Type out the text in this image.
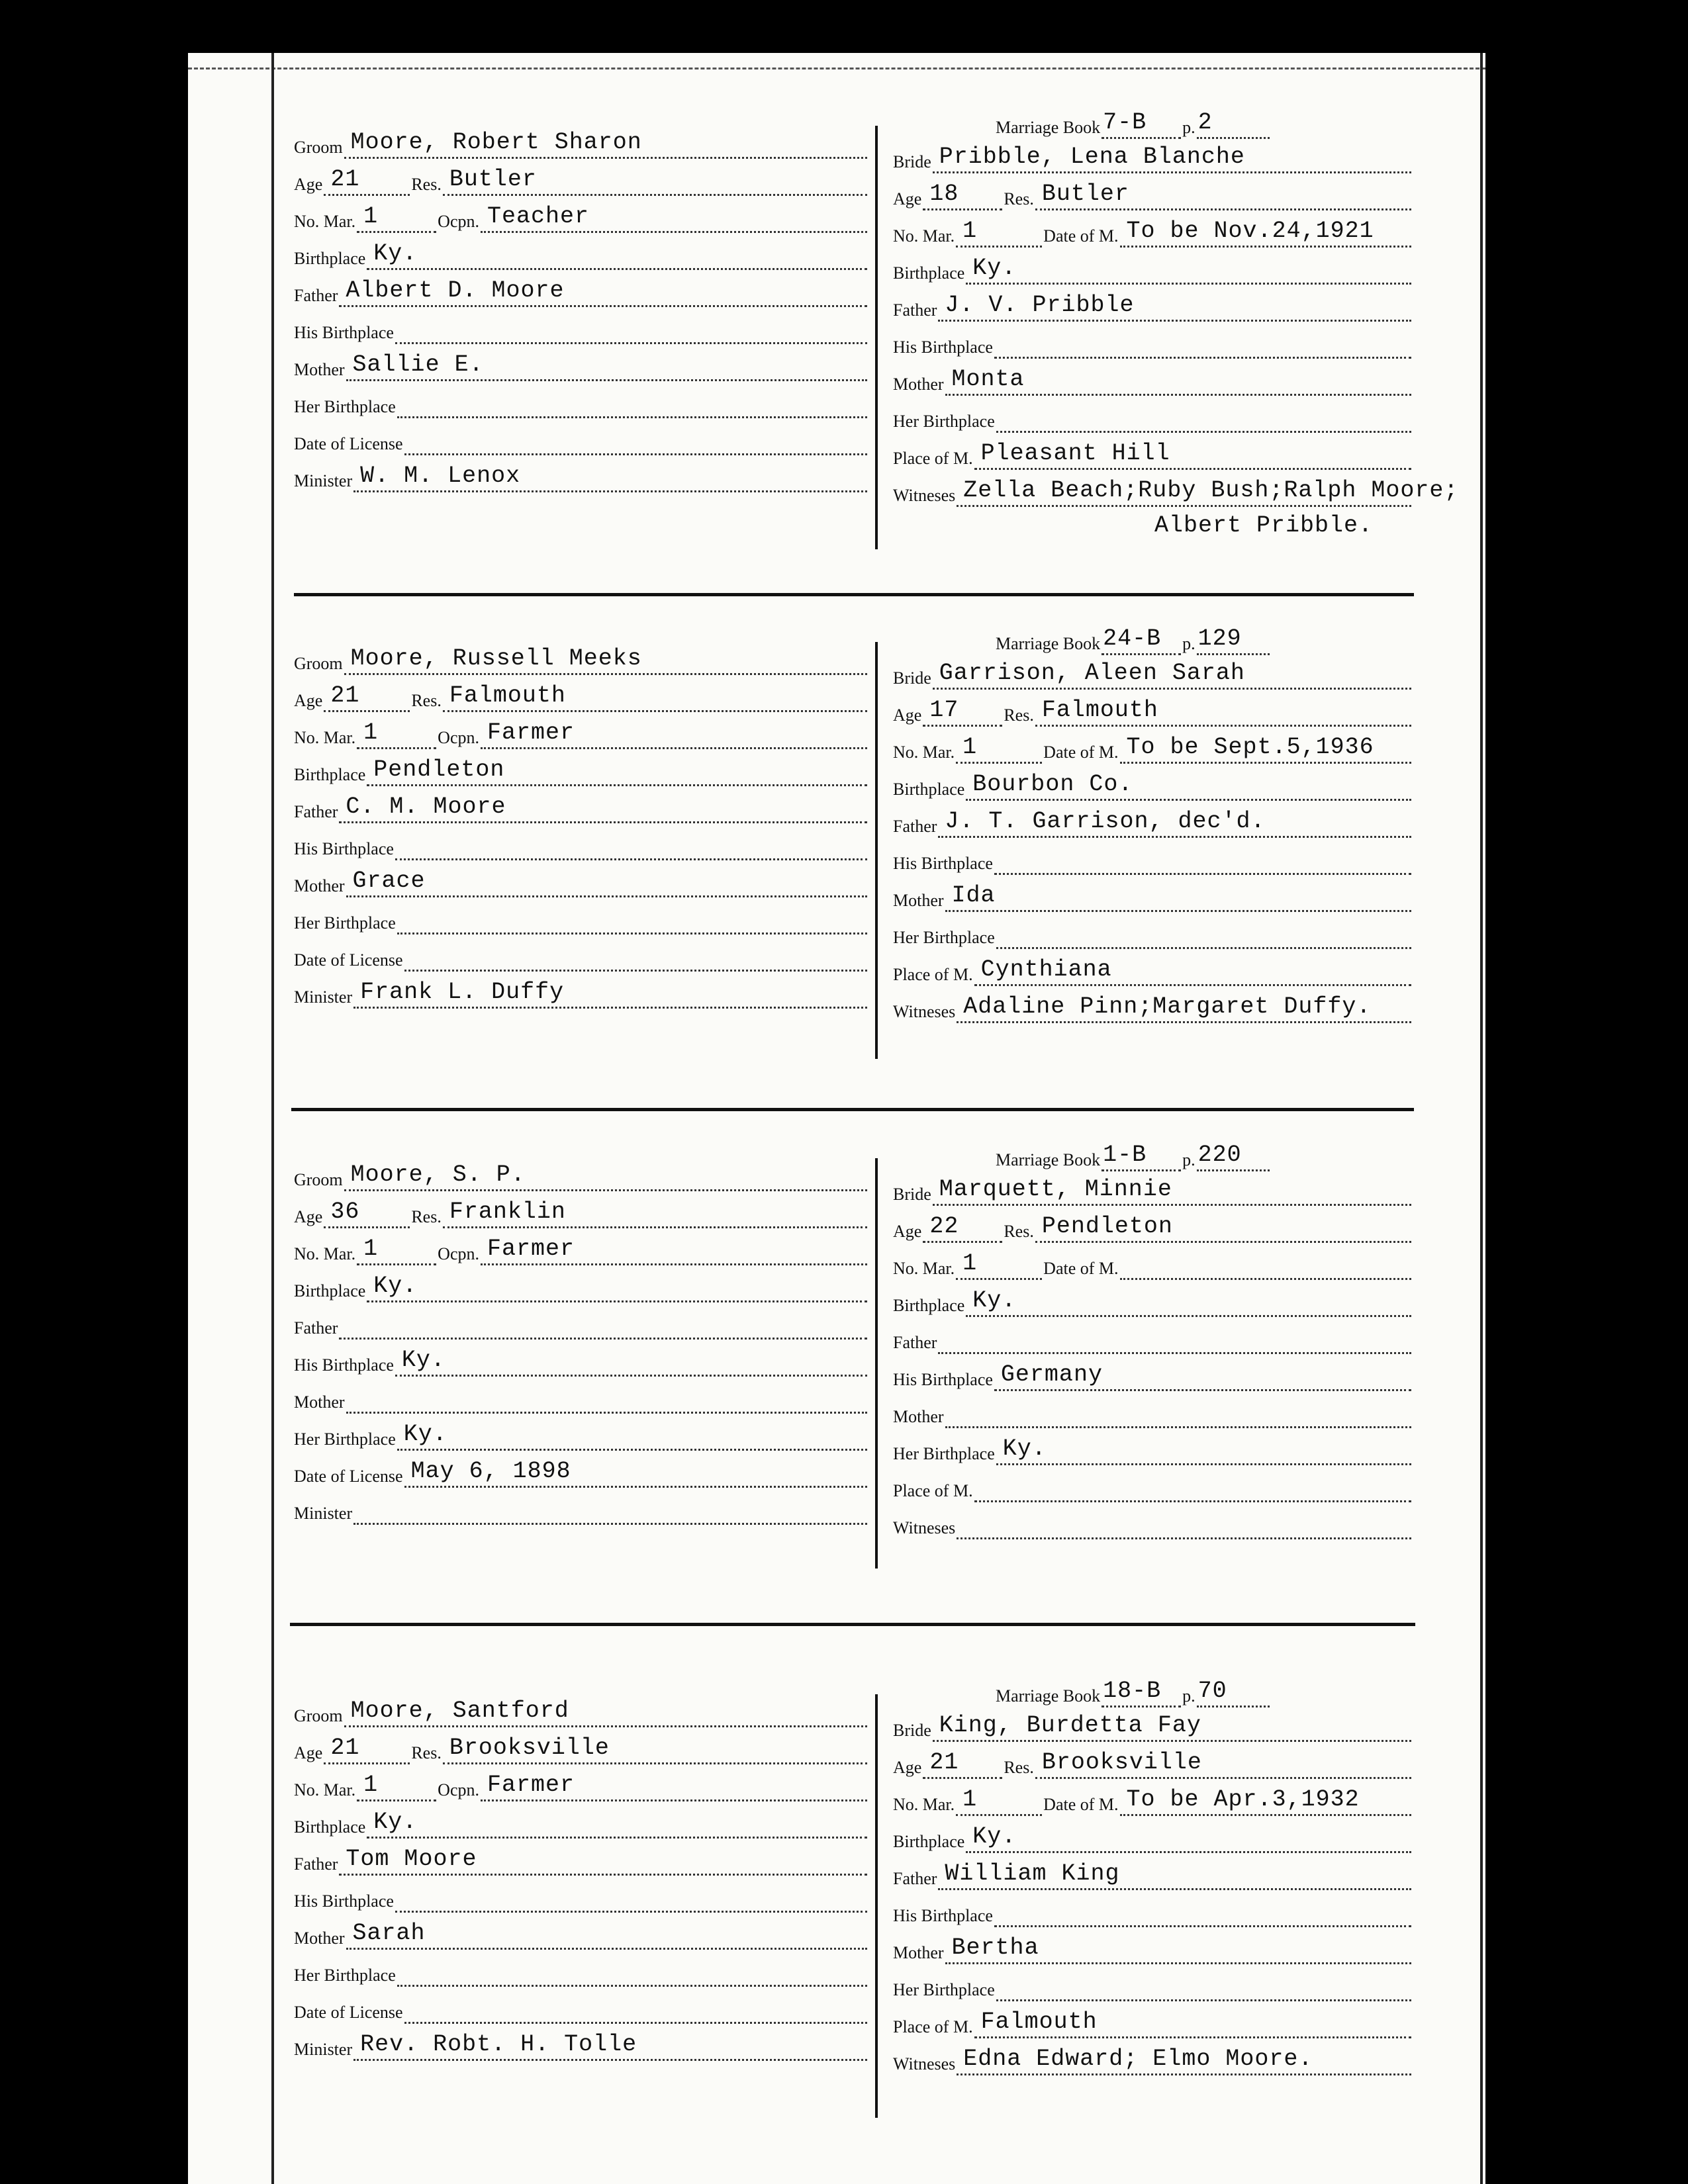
Groom Moore, Robert Sharon
Age 21	Res. Butler
No. Mar. 1	Ocpn. Teacher
Birthplace Ky.
Father Albert D. Moore
His Birthplace
Mother Sallie E.
Her Birthplace
Date of License
Minister W. M. Lenox
Marriage Book 7-B p. 2
Bride Pribble, Lena Blanche
Age 18	Res. Butler
No. Mar. 1	Date of M. To be Nov.24,1921
Birthplace Ky.
Father J. V. Pribble
His Birthplace
Mother Monta
Her Birthplace
Place of M. Pleasant Hill
Witneses Zella Beach;Ruby Bush;Ralph Moore;
Albert Pribble.
Groom Moore, Russell Meeks
Age 21	Res. Falmouth
No. Mar. 1	Ocpn. Farmer
Birthplace Pendleton
Father C. M. Moore
His Birthplace
Mother Grace
Her Birthplace
Date of License
Minister Frank L. Duffy
Marriage Book 24-B p. 129
Bride Garrison, Aleen Sarah
Age 17	Res. Falmouth
No. Mar. 1	Date of M. To be Sept.5,1936
Birthplace Bourbon Co.
Father J. T. Garrison, dec'd.
His Birthplace
Mother Ida
Her Birthplace
Place of M. Cynthiana
Witneses Adaline Pinn;Margaret Duffy.
Groom Moore, S. P.
Age 36	Res. Franklin
No. Mar. 1	Ocpn. Farmer
Birthplace Ky.
Father
His Birthplace Ky.
Mother
Her Birthplace Ky.
Date of License May 6, 1898
Minister
Marriage Book 1-B p. 220
Bride Marquett, Minnie
Age 22	Res. Pendleton
No. Mar. 1	Date of M.
Birthplace Ky.
Father
His Birthplace Germany
Mother
Her Birthplace Ky.
Place of M.
Witneses
Groom Moore, Santford
Age 21	Res. Brooksville
No. Mar. 1	Ocpn. Farmer
Birthplace Ky.
Father Tom Moore
His Birthplace
Mother Sarah
Her Birthplace
Date of License
Minister Rev. Robt. H. Tolle
Marriage Book 18-B p. 70
Bride King, Burdetta Fay
Age 21	Res. Brooksville
No. Mar. 1	Date of M. To be Apr.3,1932
Birthplace Ky.
Father William King
His Birthplace
Mother Bertha
Her Birthplace
Place of M. Falmouth
Witneses Edna Edward; Elmo Moore.
